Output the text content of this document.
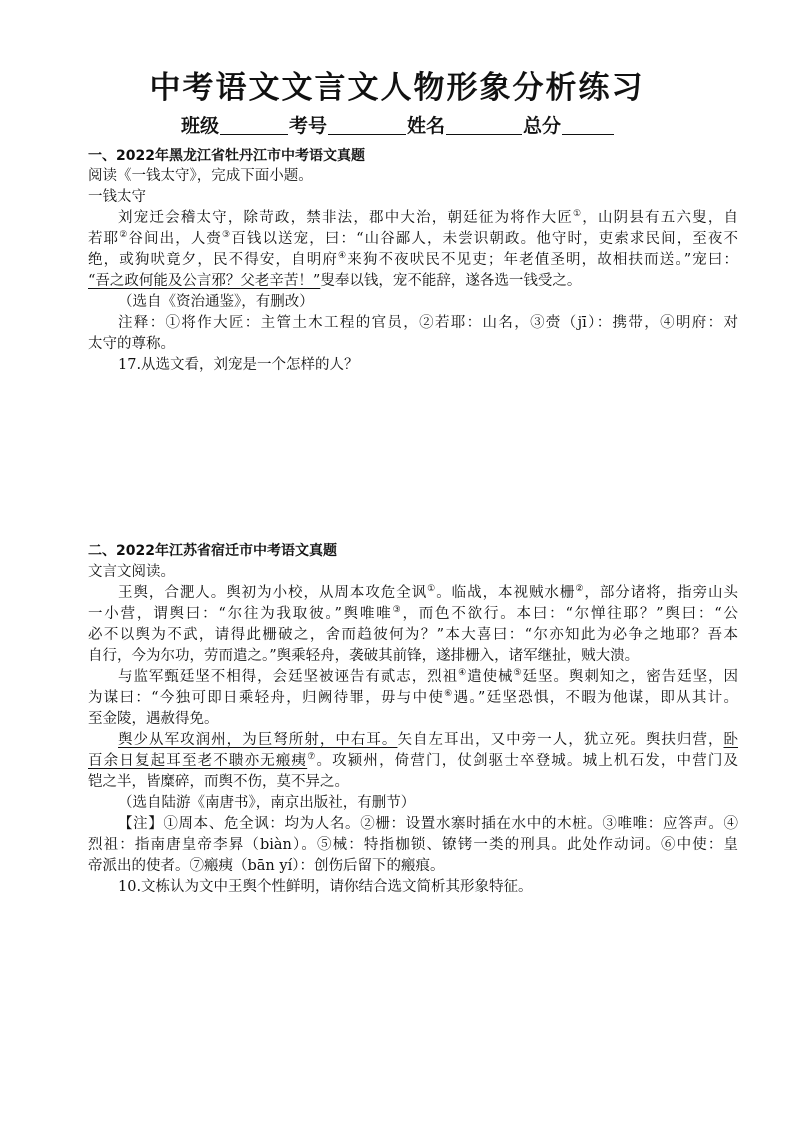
中考语文文言文人物形象分析练习
班级	考号	姓名	总分
一、2022年黑龙江省牡丹江市中考语文真题
阅读《一钱太守》，完成下面小题。
一钱太守
刘宠迁会稽太守，除苛政，禁非法，郡中大治，朝廷征为将作大匠①，山阴县有五六叟，自
若耶②谷间出，人赍③百钱以送宠，曰：“山谷鄙人，未尝识朝政。他守时，吏索求民间，至夜不
绝，或狗吠竟夕，民不得安，自明府④来狗不夜吠民不见吏；年老值圣明，故相扶而送。”宠曰：
“吾之政何能及公言邪？父老辛苦！”叟奉以钱，宠不能辞，遂各选一钱受之。
（选自《资治通鉴》，有删改）
注释：①将作大匠：主管土木工程的官员，②若耶：山名，③赍（jī）：携带，④明府：对
太守的尊称。
17.从选文看，刘宠是一个怎样的人？
二、2022年江苏省宿迁市中考语文真题
文言文阅读。
王舆，合淝人。舆初为小校，从周本攻危全讽①。临战，本视贼水栅②，部分诸将，指旁山头
一小营，谓舆曰：“尔往为我取彼。”舆唯唯③，而色不欲行。本曰：“尔惮往耶？”舆曰：“公
必不以舆为不武，请得此栅破之，舍而趋彼何为？”本大喜曰：“尔亦知此为必争之地耶？吾本
自行，今为尔功，劳而遣之。”舆乘轻舟，袭破其前锋，遂排栅入，诸军继扯，贼大溃。
与监军甄廷坚不相得，会廷坚被诬告有贰志，烈祖④遣使械⑤廷坚。舆刺知之，密告廷坚，因
为谋曰：“今独可即日乘轻舟，归阙待罪，毋与中使⑥遇。”廷坚恐惧，不暇为他谋，即从其计。
至金陵，遇赦得免。
舆少从军攻润州，为巨弩所射，中右耳。矢自左耳出，又中旁一人，犹立死。舆扶归营，卧
百余日复起耳至老不聩亦无瘢痍⑦。攻颍州，倚营门，仗剑驱士卒登城。城上机石发，中营门及
铠之半，皆糜碎，而舆不伤，莫不异之。
（选自陆游《南唐书》，南京出版社，有删节）
【注】①周本、危全讽：均为人名。②栅：设置水寨时插在水中的木桩。③唯唯：应答声。④
烈祖：指南唐皇帝李昪（biàn）。⑤械：特指枷锁、镣铐一类的刑具。此处作动词。⑥中使：皇
帝派出的使者。⑦瘢痍（bān yí）：创伤后留下的瘢痕。
10.文栋认为文中王舆个性鲜明，请你结合选文简析其形象特征。
